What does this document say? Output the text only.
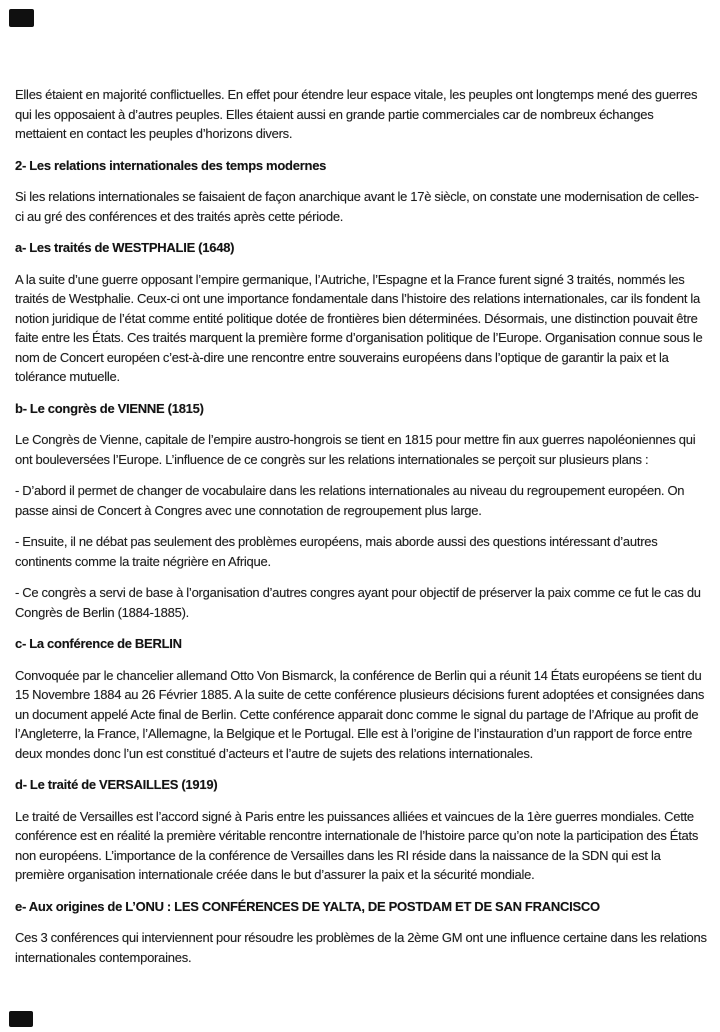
Elles étaient en majorité conflictuelles. En effet pour étendre leur espace vitale, les peuples ont longtemps mené des guerres qui les opposaient à d’autres peuples. Elles étaient aussi en grande partie commerciales car de nombreux échanges mettaient en contact les peuples d’horizons divers.

2- Les relations internationales des temps modernes

Si les relations internationales se faisaient de façon anarchique avant le 17è siècle, on constate une modernisation de celles-ci au gré des conférences et des traités après cette période.

a- Les traités de WESTPHALIE (1648)

A la suite d’une guerre opposant l’empire germanique, l’Autriche, l’Espagne et la France furent signé 3 traités, nommés les traités de Westphalie. Ceux-ci ont une importance fondamentale dans l’histoire des relations internationales, car ils fondent la notion juridique de l’état comme entité politique dotée de frontières bien déterminées. Désormais, une distinction pouvait être faite entre les États. Ces traités marquent la première forme d’organisation politique de l’Europe. Organisation connue sous le nom de Concert européen c’est-à-dire une rencontre entre souverains européens dans l’optique de garantir la paix et la tolérance mutuelle.

b- Le congrès de VIENNE (1815)

Le Congrès de Vienne, capitale de l’empire austro-hongrois se tient en 1815 pour mettre fin aux guerres napoléoniennes qui ont bouleversées l’Europe. L’influence de ce congrès sur les relations internationales se perçoit sur plusieurs plans :

- D’abord il permet de changer de vocabulaire dans les relations internationales au niveau du regroupement européen. On passe ainsi de Concert à Congres avec une connotation de regroupement plus large.

- Ensuite, il ne débat pas seulement des problèmes européens, mais aborde aussi des questions intéressant d’autres continents comme la traite négrière en Afrique.

- Ce congrès a servi de base à l’organisation d’autres congres ayant pour objectif de préserver la paix comme ce fut le cas du Congrès de Berlin (1884-1885).

c- La conférence de BERLIN

Convoquée par le chancelier allemand Otto Von Bismarck, la conférence de Berlin qui a réunit 14 États européens se tient du 15 Novembre 1884 au 26 Février 1885. A la suite de cette conférence plusieurs décisions furent adoptées et consignées dans un document appelé Acte final de Berlin. Cette conférence apparait donc comme le signal du partage de l’Afrique au profit de l’Angleterre, la France, l’Allemagne, la Belgique et le Portugal. Elle est à l’origine de l’instauration d’un rapport de force entre deux mondes donc l’un est constitué d’acteurs et l’autre de sujets des relations internationales.

d- Le traité de VERSAILLES (1919)

Le traité de Versailles est l’accord signé à Paris entre les puissances alliées et vaincues de la 1ère guerres mondiales. Cette conférence est en réalité la première véritable rencontre internationale de l’histoire parce qu’on note la participation des États non européens. L’importance de la conférence de Versailles dans les RI réside dans la naissance de la SDN qui est la première organisation internationale créée dans le but d’assurer la paix et la sécurité mondiale.

e- Aux origines de L’ONU : LES CONFÉRENCES DE YALTA, DE POSTDAM ET DE SAN FRANCISCO

Ces 3 conférences qui interviennent pour résoudre les problèmes de la 2ème GM ont une influence certaine dans les relations internationales contemporaines.
